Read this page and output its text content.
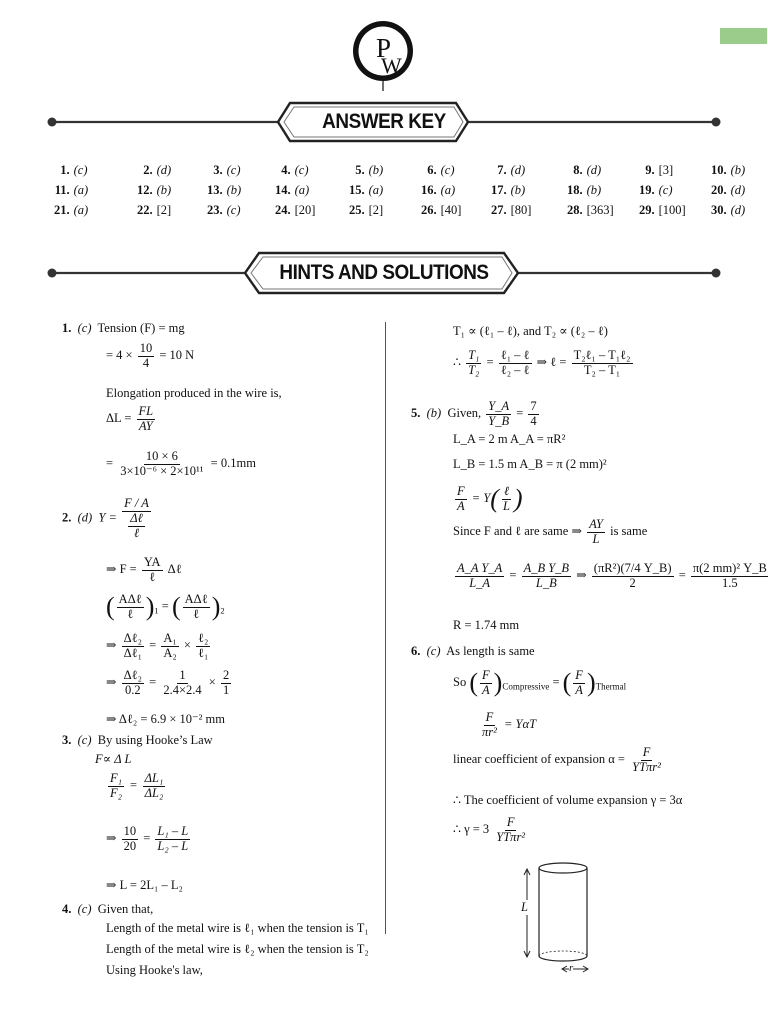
P
W
ANSWER KEY
1.	(c)	2.	(d)	3.	(c)	4.	(c)	5.	(b)	6.	(c)	7.	(d)	8.	(d)	9.	[3]	10.	(b)
11.	(a)	12.	(b)	13.	(b)	14.	(a)	15.	(a)	16.	(a)	17.	(b)	18.	(b)	19.	(c)	20.	(d)
21.	(a)	22.	[2]	23.	(c)	24.	[20]	25.	[2]	26.	[40]	27.	[80]	28.	[363]	29.	[100]	30.	(d)
HINTS AND SOLUTIONS
1. (c) Tension (F) = mg
= $4 \times \frac{10}{4} = 10$ N
Elongation produced in the wire is,
$\Delta L = \frac{FL}{AY}$
= $\frac{10 \times 6}{\text{3×10⁻⁶ × 2×10¹¹}} = 0.1mm$
2. (d) $Y = \frac{F / A}{\frac{\text{Δℓ}}{\text{ℓ}}}$
⇒ $F = \frac{YA}{\text{ℓ}}$ Δℓ
( $\frac{\text{AΔℓ}}{\text{ℓ}} )_1$ = ( $\frac{\text{AΔℓ}}{\text{ℓ}} )_2$
⇒ $\frac{\text{Δℓ₂}}{\text{Δℓ₁}} = \frac{\text{A₁}}{\text{A₂}} \times \frac{\text{ℓ₂}}{\text{ℓ₁}}$
⇒ $\frac{\text{Δℓ₂}}{0.2} = \frac{1}{2.4\times 2.4} \times \frac{2}{1}$
⇒ Δℓ₂ = 6.9 × 10⁻² mm
3. (c) By using Hooke’s Law
F∝ Δ L
$\frac{\text{F₁}}{\text{F₂}} = \frac{\text{ΔL₁}}{\text{ΔL₂}}$
⇒ $\frac{10}{20} = \frac{\text{L₁ – L}}{\text{L₂ – L}}$
⇒ L = 2L₁ – L₂
4. (c) Given that,
Length of the metal wire is ℓ₁ when the tension is T₁
Length of the metal wire is ℓ₂ when the tension is T₂
Using Hooke's law,
T₁ ∝ (ℓ₁ – ℓ), and T₂ ∝ (ℓ₂ – ℓ)
∴ $\frac{\text{T₁}}{\text{T₂}} = \frac{\text{ℓ₁ – ℓ}}{\text{ℓ₂ – ℓ}}$ ⇒ ℓ = $\frac{\text{T₂ℓ₁ – T₁ℓ₂}}{\text{T₂ – T₁}}$
5. (b) Given, $\frac{Y\_A}{Y\_B} = \frac{7}{4}$
L_A = 2 m A_A = πR²
L_B = 1.5 m A_B = π (2 mm)²
$\frac{F}{A} = Y( \frac{\text{ℓ}}{L}$ )
Since F and ℓ are same ⇒ $\frac{AY}{L}$ is same
$\frac{\text{A\_A Y\_A}}{L\_A} = \frac{\text{A\_B Y\_B}}{L\_B}$ ⇒ $\frac{\text{(πR²)(7/4 Y\_B)}}{2} = \frac{\text{π(2 mm)² Y\_B}}{1.5}$
R = 1.74 mm
6. (c) As length is same
So ( $\frac{F}{A} )_{Compressive}$ = ( $\frac{F}{A} )_{Thermal}$
$\frac{F}{\text{πr²}} = Y\alpha T$
linear coefficient of expansion $\alpha = \frac{F}{\text{YTπr²}}$
∴ The coefficient of volume expansion γ = 3α
∴ $\gamma = 3 \frac{F}{\text{YTπr²}}$
L
r
